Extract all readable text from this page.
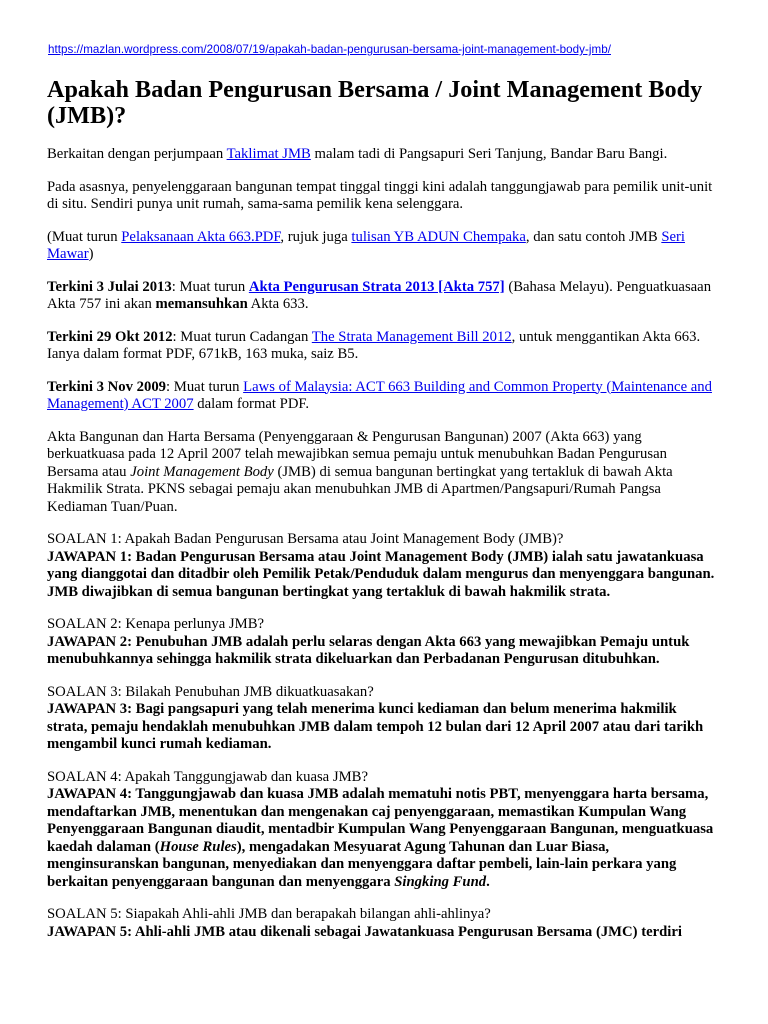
https://mazlan.wordpress.com/2008/07/19/apakah-badan-pengurusan-bersama-joint-management-body-jmb/
Apakah Badan Pengurusan Bersama / Joint Management Body (JMB)?

Berkaitan dengan perjumpaan Taklimat JMB malam tadi di Pangsapuri Seri Tanjung, Bandar Baru Bangi.

Pada asasnya, penyelenggaraan bangunan tempat tinggal tinggi kini adalah tanggungjawab para pemilik unit-unit di situ. Sendiri punya unit rumah, sama-sama pemilik kena selenggara.

(Muat turun Pelaksanaan Akta 663.PDF, rujuk juga tulisan YB ADUN Chempaka, dan satu contoh JMB Seri Mawar)

Terkini 3 Julai 2013: Muat turun Akta Pengurusan Strata 2013 [Akta 757] (Bahasa Melayu). Penguatkuasaan Akta 757 ini akan memansuhkan Akta 633.

Terkini 29 Okt 2012: Muat turun Cadangan The Strata Management Bill 2012, untuk menggantikan Akta 663. Ianya dalam format PDF, 671kB, 163 muka, saiz B5.

Terkini 3 Nov 2009: Muat turun Laws of Malaysia: ACT 663 Building and Common Property (Maintenance and Management) ACT 2007 dalam format PDF.

Akta Bangunan dan Harta Bersama (Penyenggaraan & Pengurusan Bangunan) 2007 (Akta 663) yang berkuatkuasa pada 12 April 2007 telah mewajibkan semua pemaju untuk menubuhkan Badan Pengurusan Bersama atau Joint Management Body (JMB) di semua bangunan bertingkat yang tertakluk di bawah Akta Hakmilik Strata. PKNS sebagai pemaju akan menubuhkan JMB di Apartmen/Pangsapuri/Rumah Pangsa Kediaman Tuan/Puan.

SOALAN 1: Apakah Badan Pengurusan Bersama atau Joint Management Body (JMB)?

JAWAPAN 1: Badan Pengurusan Bersama atau Joint Management Body (JMB) ialah satu jawatankuasa yang dianggotai dan ditadbir oleh Pemilik Petak/Penduduk dalam mengurus dan menyenggara bangunan. JMB diwajibkan di semua bangunan bertingkat yang tertakluk di bawah hakmilik strata.

SOALAN 2: Kenapa perlunya JMB?

JAWAPAN 2: Penubuhan JMB adalah perlu selaras dengan Akta 663 yang mewajibkan Pemaju untuk menubuhkannya sehingga hakmilik strata dikeluarkan dan Perbadanan Pengurusan ditubuhkan.

SOALAN 3: Bilakah Penubuhan JMB dikuatkuasakan?

JAWAPAN 3: Bagi pangsapuri yang telah menerima kunci kediaman dan belum menerima hakmilik strata, pemaju hendaklah menubuhkan JMB dalam tempoh 12 bulan dari 12 April 2007 atau dari tarikh mengambil kunci rumah kediaman.

SOALAN 4: Apakah Tanggungjawab dan kuasa JMB?

JAWAPAN 4: Tanggungjawab dan kuasa JMB adalah mematuhi notis PBT, menyenggara harta bersama, mendaftarkan JMB, menentukan dan mengenakan caj penyenggaraan, memastikan Kumpulan Wang Penyenggaraan Bangunan diaudit, mentadbir Kumpulan Wang Penyenggaraan Bangunan, menguatkuasa kaedah dalaman (House Rules), mengadakan Mesyuarat Agung Tahunan dan Luar Biasa, menginsuranskan bangunan, menyediakan dan menyenggara daftar pembeli, lain-lain perkara yang berkaitan penyenggaraan bangunan dan menyenggara Singking Fund.

SOALAN 5: Siapakah Ahli-ahli JMB dan berapakah bilangan ahli-ahlinya?

JAWAPAN 5: Ahli-ahli JMB atau dikenali sebagai Jawatankuasa Pengurusan Bersama (JMC) terdiri
